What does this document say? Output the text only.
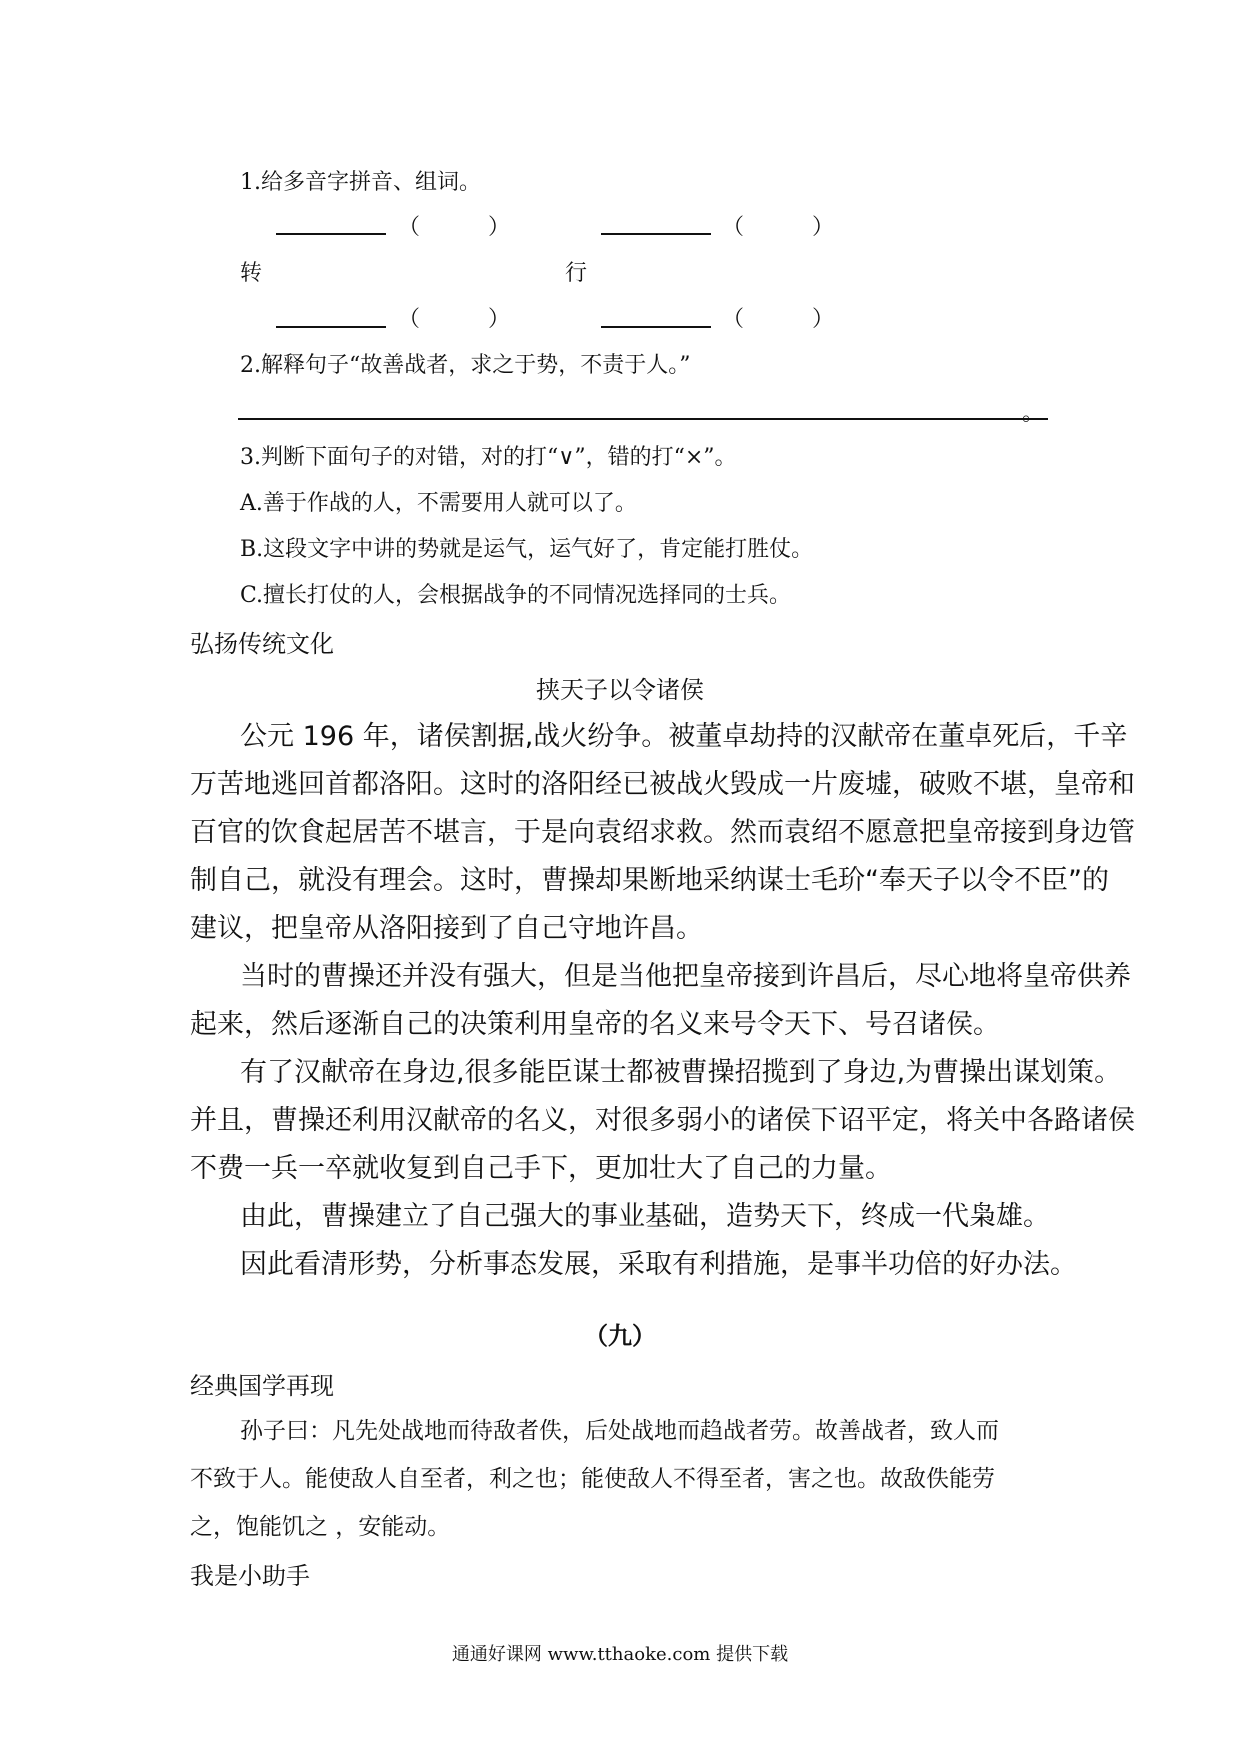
1.给多音字拼音、组词。
（	）	（	）
转	行
（	）	（	）
2.解释句子“故善战者，求之于势，不责于人。”
。
3.判断下面句子的对错，对的打“∨”，错的打“×”。
A.善于作战的人，不需要用人就可以了。
B.这段文字中讲的势就是运气，运气好了，肯定能打胜仗。
C.擅长打仗的人，会根据战争的不同情况选择同的士兵。
弘扬传统文化
挟天子以令诸侯
公元 196 年，诸侯割据,战火纷争。被董卓劫持的汉献帝在董卓死后，千辛
万苦地逃回首都洛阳。这时的洛阳经已被战火毁成一片废墟，破败不堪，皇帝和
百官的饮食起居苦不堪言，于是向袁绍求救。然而袁绍不愿意把皇帝接到身边管
制自己，就没有理会。这时，曹操却果断地采纳谋士毛玠“奉天子以令不臣”的
建议，把皇帝从洛阳接到了自己守地许昌。
当时的曹操还并没有强大，但是当他把皇帝接到许昌后，尽心地将皇帝供养
起来，然后逐渐自己的决策利用皇帝的名义来号令天下、号召诸侯。
有了汉献帝在身边,很多能臣谋士都被曹操招揽到了身边,为曹操出谋划策。
并且，曹操还利用汉献帝的名义，对很多弱小的诸侯下诏平定，将关中各路诸侯
不费一兵一卒就收复到自己手下，更加壮大了自己的力量。
由此，曹操建立了自己强大的事业基础，造势天下，终成一代枭雄。
因此看清形势，分析事态发展，采取有利措施，是事半功倍的好办法。
（九）
经典国学再现
孙子曰：凡先处战地而待敌者佚，后处战地而趋战者劳。故善战者，致人而
不致于人。能使敌人自至者，利之也；能使敌人不得至者，害之也。故敌佚能劳
之，饱能饥之 ，安能动。
我是小助手
通通好课网 www.tthaoke.com 提供下载
